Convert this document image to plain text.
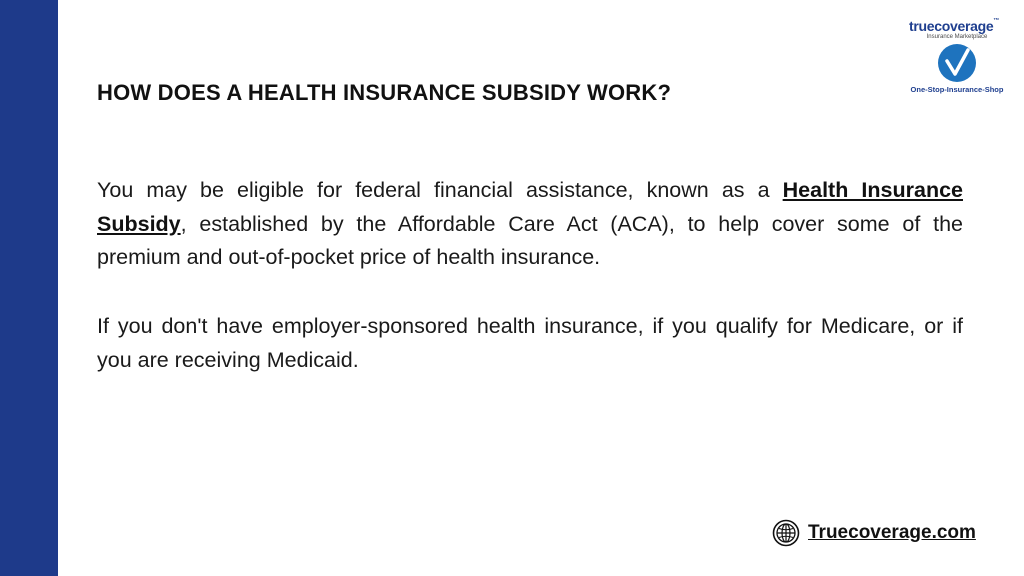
truecoverage™
Insurance Marketplace
One-Stop-Insurance-Shop
HOW DOES A HEALTH INSURANCE SUBSIDY WORK?

You may be eligible for federal financial assistance, known as a Health Insurance Subsidy, established by the Affordable Care Act (ACA), to help cover some of the premium and out-of-pocket price of health insurance.

If you don't have employer-sponsored health insurance, if you qualify for Medicare, or if you are receiving Medicaid.

Truecoverage.com
